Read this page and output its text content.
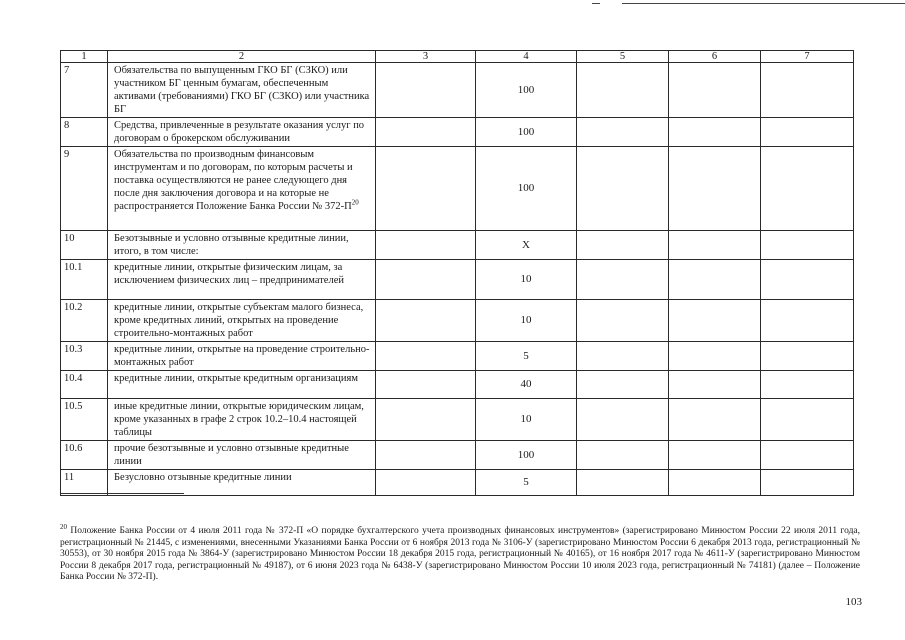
1	2	3	4	5	6	7
7	Обязательства по выпущенным ГКО БГ (СЗКО) или участником БГ ценным бумагам, обеспеченным активами (требованиями) ГКО БГ (СЗКО) или участника БГ		100			
8	Средства, привлеченные в результате оказания услуг по договорам о брокерском обслуживании		100			
9	Обязательства по производным финансовым инструментам и по договорам, по которым расчеты и поставка осуществляются не ранее следующего дня после дня заключения договора и на которые не распространяется Положение Банка России № $372-П^{20}$		100			
10	Безотзывные и условно отзывные кредитные линии, итого, в том числе:		X			
10.1	кредитные линии, открытые физическим лицам, за исключением физических лиц – предпринимателей		10			
10.2	кредитные линии, открытые субъектам малого бизнеса, кроме кредитных линий, открытых на проведение строительно-монтажных работ		10			
10.3	кредитные линии, открытые на проведение строительно-монтажных работ		5			
10.4	кредитные линии, открытые кредитным организациям		40			
10.5	иные кредитные линии, открытые юридическим лицам, кроме указанных в графе 2 строк 10.2–10.4 настоящей таблицы		10			
10.6	прочие безотзывные и условно отзывные кредитные линии		100			
11	Безусловно отзывные кредитные линии		5			
$^{20}$ Положение Банка России от 4 июля 2011 года № 372-П «О порядке бухгалтерского учета производных финансовых инструментов» (зарегистрировано Минюстом России 22 июля 2011 года, регистрационный № 21445, с изменениями, внесенными Указаниями Банка России от 6 ноября 2013 года № 3106-У (зарегистрировано Минюстом России 6 декабря 2013 года, регистрационный № 30553), от 30 ноября 2015 года № 3864-У (зарегистрировано Минюстом России 18 декабря 2015 года, регистрационный № 40165), от 16 ноября 2017 года № 4611-У (зарегистрировано Минюстом России 8 декабря 2017 года, регистрационный № 49187), от 6 июня 2023 года № 6438-У (зарегистрировано Минюстом России 10 июля 2023 года, регистрационный № 74181) (далее – Положение Банка России № 372-П).
103
